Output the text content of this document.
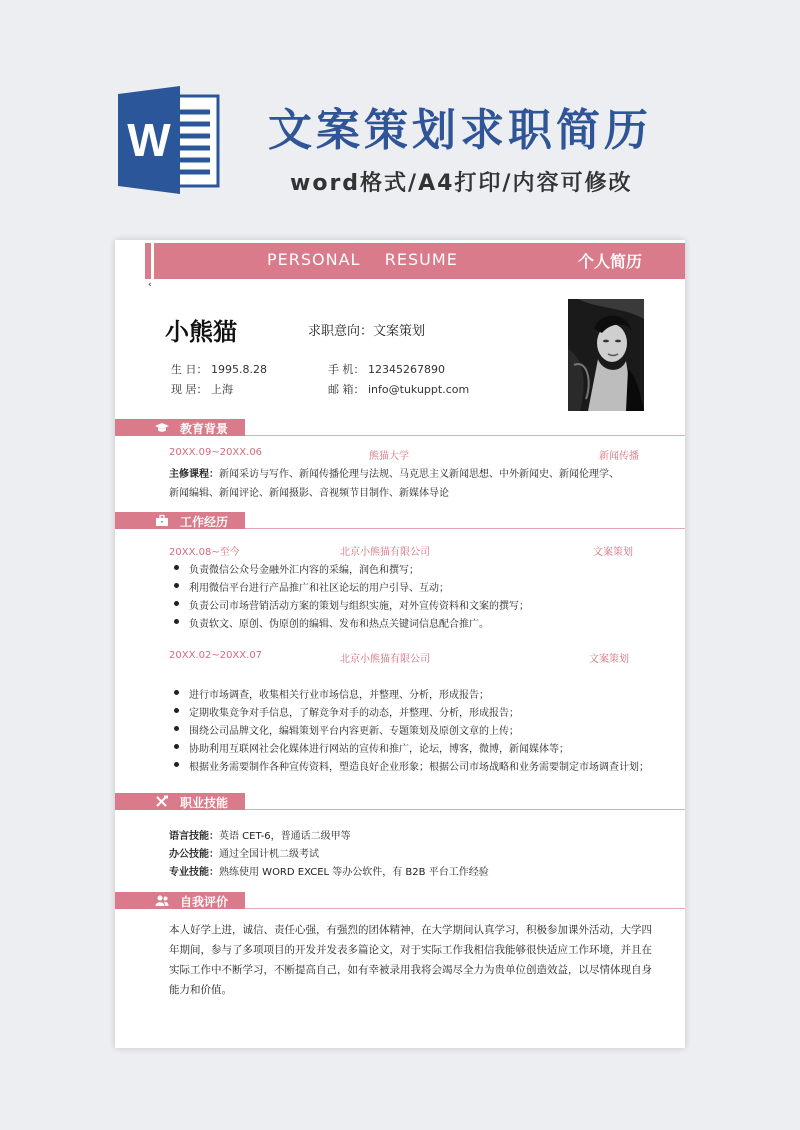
W 文案策划求职简历
word格式/A4打印/内容可修改
PERSONAL    RESUME	个人简历
‹
小熊猫	求职意向：文案策划
生 日： 1995.8.28
现 居： 上海
手 机： 12345267890
邮 箱： info@tukuppt.com
教育背景
20XX.09~20XX.06	熊猫大学	新闻传播
主修课程：新闻采访与写作、新闻传播伦理与法规、马克思主义新闻思想、中外新闻史、新闻伦理学、
新闻编辑、新闻评论、新闻摄影、音视频节目制作、新媒体导论
工作经历
20XX.08~至今	北京小熊猫有限公司	文案策划
负责微信公众号金融外汇内容的采编，润色和撰写；
利用微信平台进行产品推广和社区论坛的用户引导、互动；
负责公司市场营销活动方案的策划与组织实施，对外宣传资料和文案的撰写；
负责软文、原创、伪原创的编辑、发布和热点关键词信息配合推广。
20XX.02~20XX.07	北京小熊猫有限公司	文案策划
进行市场调查，收集相关行业市场信息，并整理、分析，形成报告；
定期收集竞争对手信息，了解竞争对手的动态，并整理、分析，形成报告；
围绕公司品牌文化，编辑策划平台内容更新、专题策划及原创文章的上传；
协助利用互联网社会化媒体进行网站的宣传和推广，论坛，博客，微博，新闻媒体等；
根据业务需要制作各种宣传资料，塑造良好企业形象；根据公司市场战略和业务需要制定市场调查计划；
职业技能
语言技能：英语 CET-6，普通话二级甲等
办公技能：通过全国计机二级考试
专业技能：熟练使用 WORD EXCEL 等办公软件，有 B2B 平台工作经验
自我评价
本人好学上进，诚信、责任心强，有强烈的团体精神，在大学期间认真学习，积极参加课外活动，大学四年期间，参与了多项项目的开发并发表多篇论文，对于实际工作我相信我能够很快适应工作环境，并且在实际工作中不断学习，不断提高自己，如有幸被录用我将会竭尽全力为贵单位创造效益，以尽情体现自身能力和价值。
